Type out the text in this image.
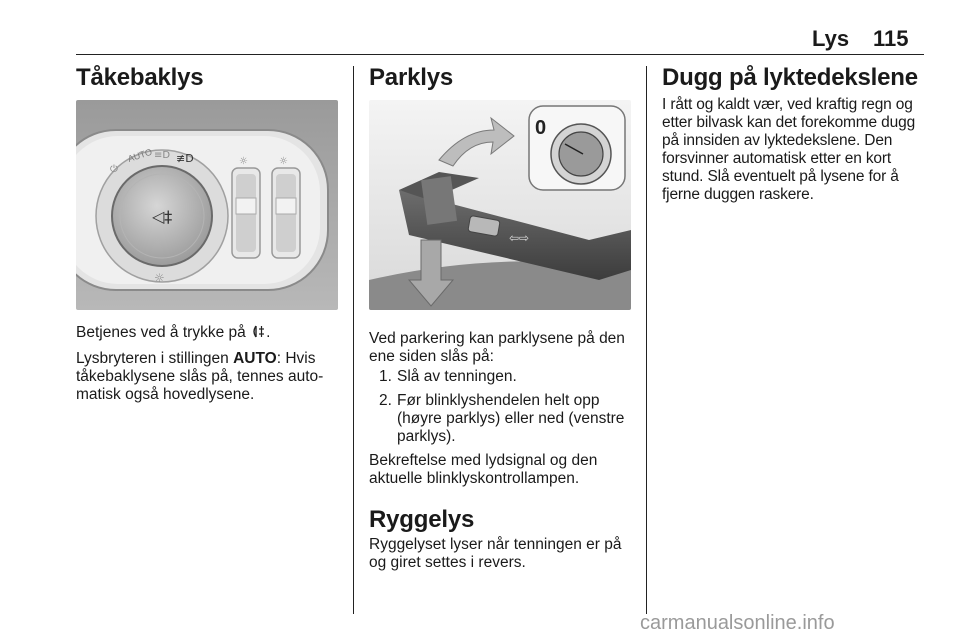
Lys 115
Tåkebaklys
◁‡
AUTO
⏻
≡D ≢D
☼
☼	☼

Betjenes ved å trykke på .

Lysbryteren i stillingen AUTO: Hvis
tåkebaklysene slås på, tennes auto-
matisk også hovedlysene.

Parklys
⇦⇨
0

Ved parkering kan parklysene på den
ene siden slås på:

1. Slå av tenningen.
2. Før blinklyshendelen helt opp
(høyre parklys) eller ned (venstre
parklys).

Bekreftelse med lydsignal og den
aktuelle blinklyskontrollampen.

Ryggelys

Ryggelyset lyser når tenningen er på
og giret settes i revers.

Dugg på lyktedekslene

I rått og kaldt vær, ved kraftig regn og
etter bilvask kan det forekomme dugg
på innsiden av lyktedekslene. Den
forsvinner automatisk etter en kort
stund. Slå eventuelt på lysene for å
fjerne duggen raskere.

carmanualsonline.info
